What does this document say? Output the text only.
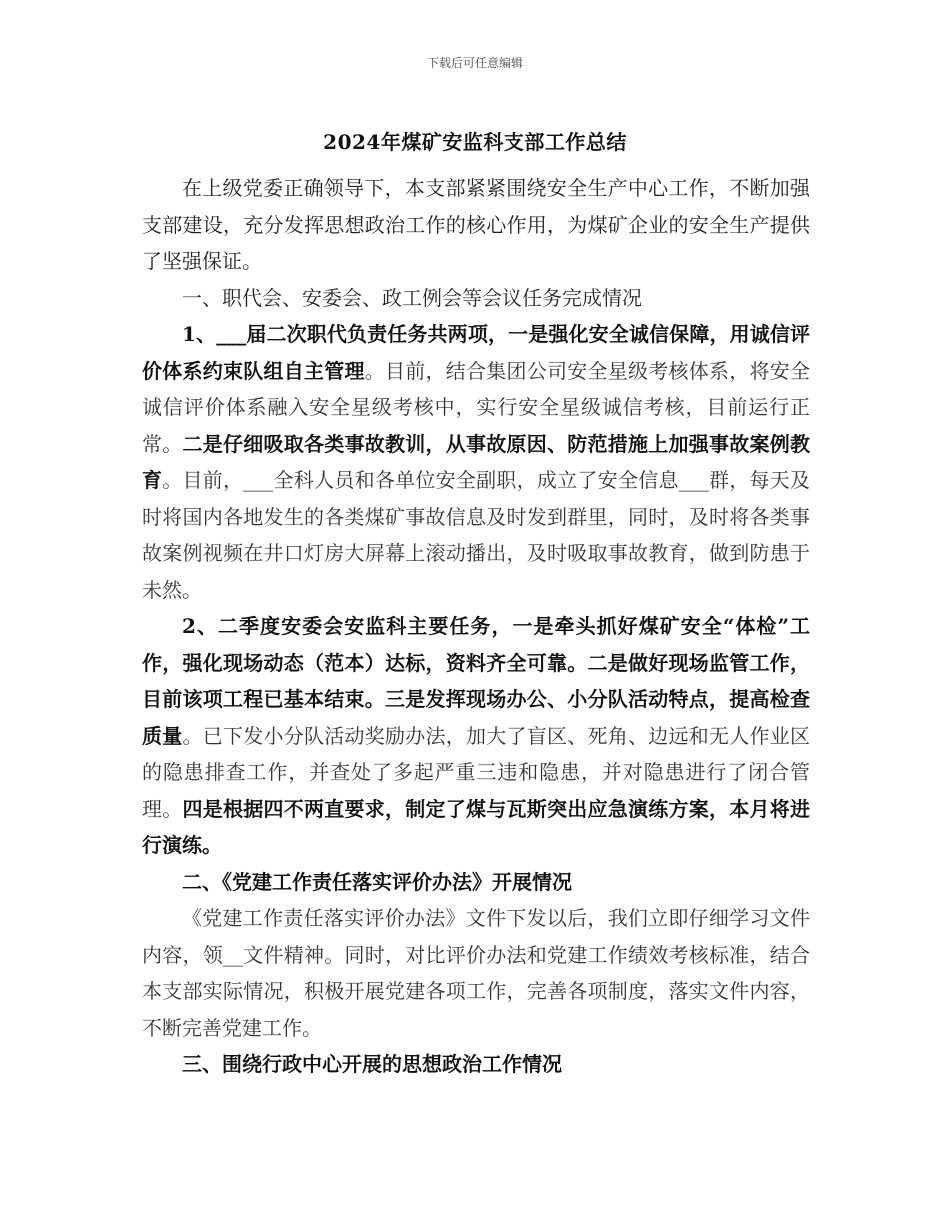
下载后可任意编辑
2024年煤矿安监科支部工作总结

在上级党委正确领导下，本支部紧紧围绕安全生产中心工作，不断加强支部建设，充分发挥思想政治工作的核心作用，为煤矿企业的安全生产提供了坚强保证。

一、职代会、安委会、政工例会等会议任务完成情况

1、___届二次职代负责任务共两项，一是强化安全诚信保障，用诚信评价体系约束队组自主管理。目前，结合集团公司安全星级考核体系，将安全诚信评价体系融入安全星级考核中，实行安全星级诚信考核，目前运行正常。二是仔细吸取各类事故教训，从事故原因、防范措施上加强事故案例教育。目前，___全科人员和各单位安全副职，成立了安全信息___群，每天及时将国内各地发生的各类煤矿事故信息及时发到群里，同时，及时将各类事故案例视频在井口灯房大屏幕上滚动播出，及时吸取事故教育，做到防患于未然。

2、二季度安委会安监科主要任务，一是牵头抓好煤矿安全“体检”工作，强化现场动态（范本）达标，资料齐全可靠。二是做好现场监管工作，目前该项工程已基本结束。三是发挥现场办公、小分队活动特点，提高检查质量。已下发小分队活动奖励办法，加大了盲区、死角、边远和无人作业区的隐患排查工作，并查处了多起严重三违和隐患，并对隐患进行了闭合管理。四是根据四不两直要求，制定了煤与瓦斯突出应急演练方案，本月将进行演练。

二、《党建工作责任落实评价办法》开展情况

《党建工作责任落实评价办法》文件下发以后，我们立即仔细学习文件内容，领__文件精神。同时，对比评价办法和党建工作绩效考核标准，结合本支部实际情况，积极开展党建各项工作，完善各项制度，落实文件内容，不断完善党建工作。

三、围绕行政中心开展的思想政治工作情况
